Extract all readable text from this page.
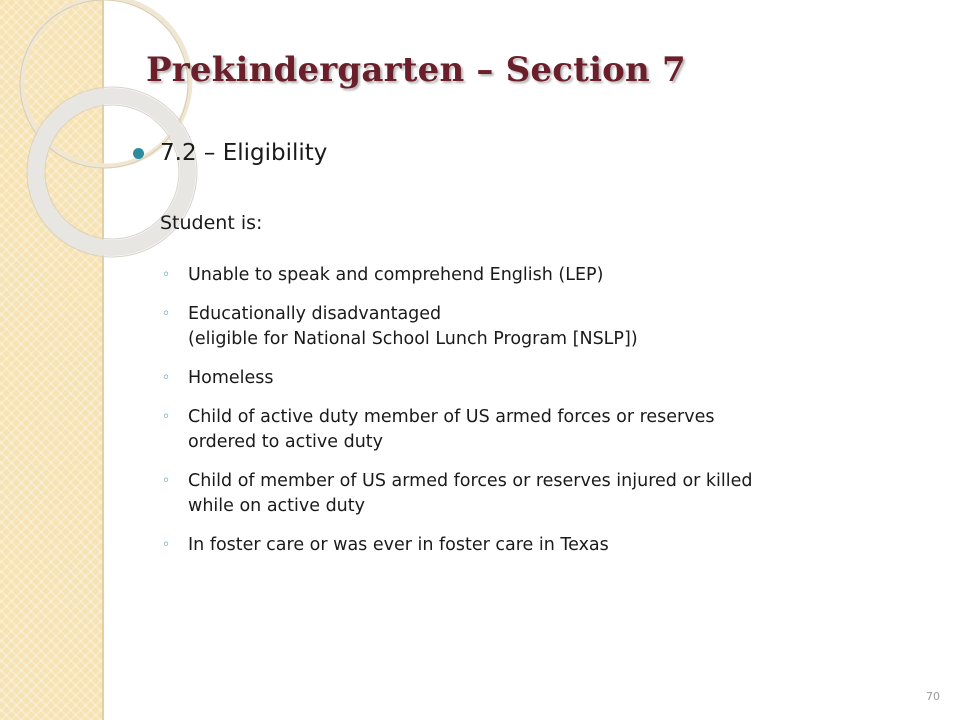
Prekindergarten – Section 7
7.2 – Eligibility
Student is:
◦ Unable to speak and comprehend English (LEP)
◦ Educationally disadvantaged
(eligible for National School Lunch Program [NSLP])
◦ Homeless
◦ Child of active duty member of US armed forces or reserves
ordered to active duty
◦ Child of member of US armed forces or reserves injured or killed
while on active duty
◦ In foster care or was ever in foster care in Texas
70
